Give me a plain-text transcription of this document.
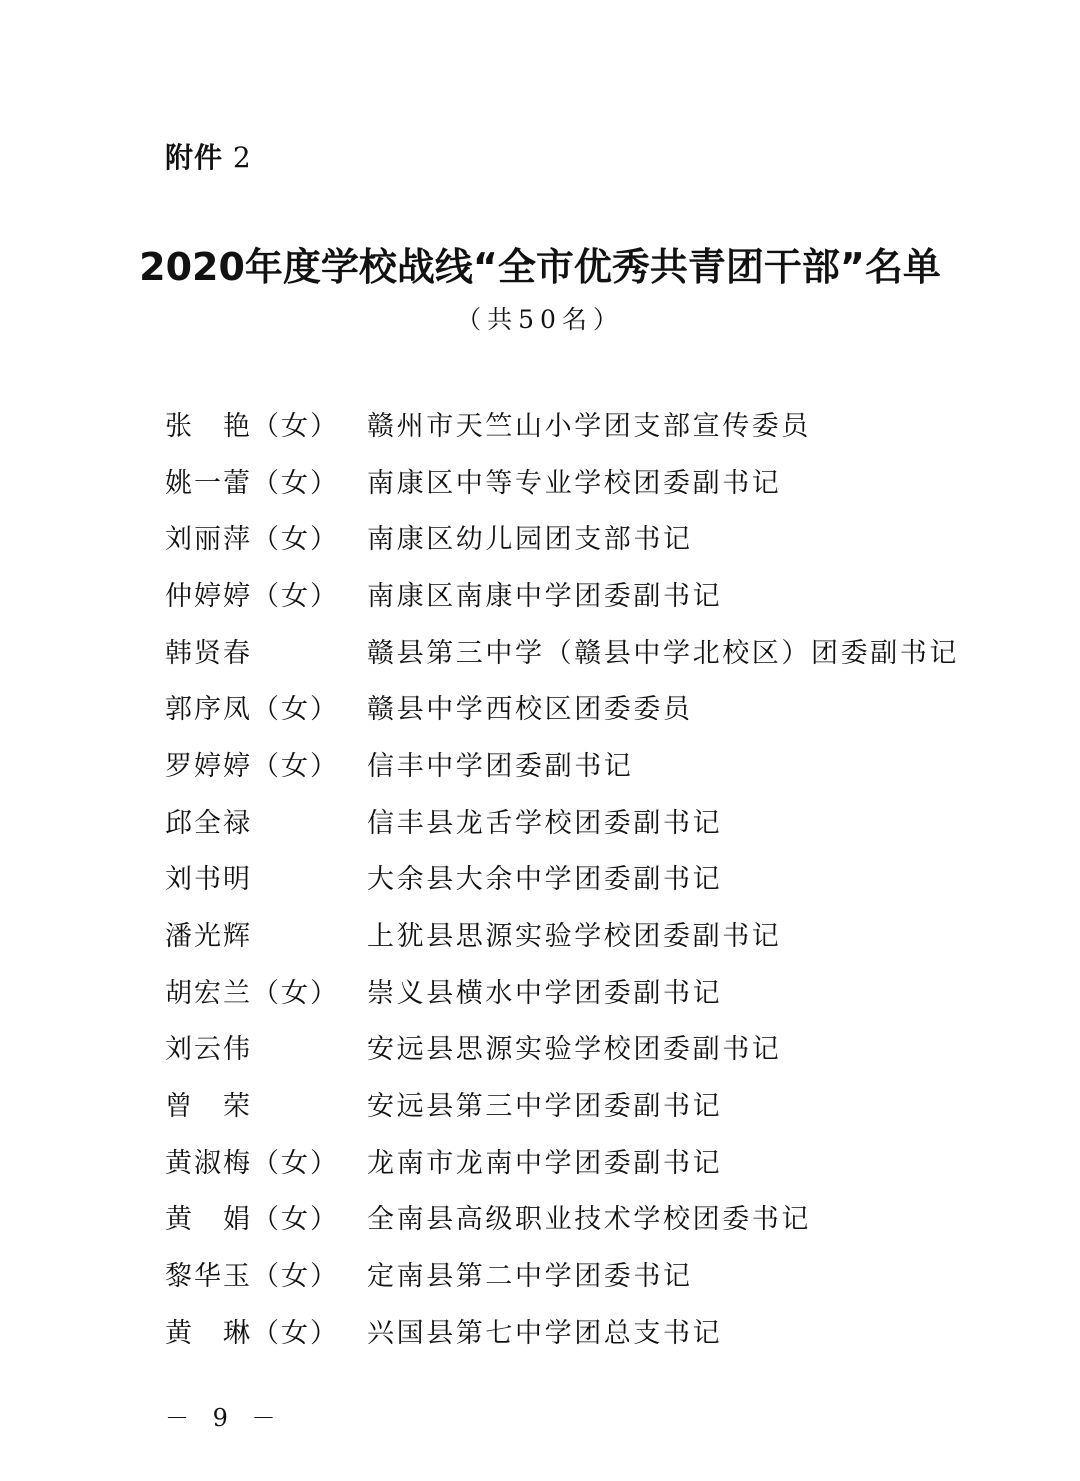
附件 2
2020年度学校战线“全市优秀共青团干部”名单
（共50名）
张　艳（女）	赣州市天竺山小学团支部宣传委员
姚一蕾（女）	南康区中等专业学校团委副书记
刘丽萍（女）	南康区幼儿园团支部书记
仲婷婷（女）	南康区南康中学团委副书记
韩贤春	赣县第三中学（赣县中学北校区）团委副书记
郭序凤（女）	赣县中学西校区团委委员
罗婷婷（女）	信丰中学团委副书记
邱全禄	信丰县龙舌学校团委副书记
刘书明	大余县大余中学团委副书记
潘光辉	上犹县思源实验学校团委副书记
胡宏兰（女）	崇义县横水中学团委副书记
刘云伟	安远县思源实验学校团委副书记
曾　荣	安远县第三中学团委副书记
黄淑梅（女）	龙南市龙南中学团委副书记
黄　娟（女）	全南县高级职业技术学校团委书记
黎华玉（女）	定南县第二中学团委书记
黄　琳（女）	兴国县第七中学团总支书记
－ 9 －
